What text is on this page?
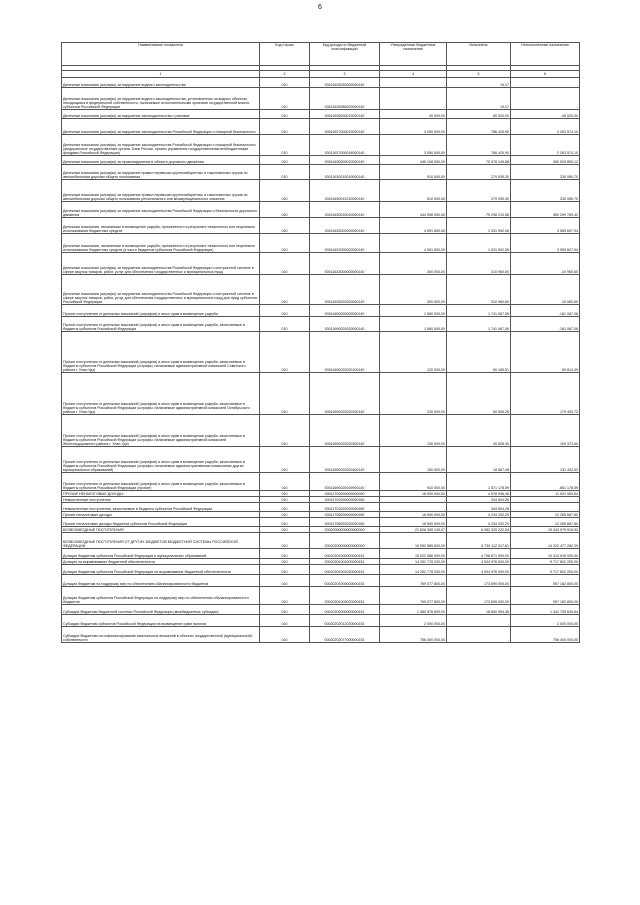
6
Наименование показателя	Код строки	Код дохода по бюджетной классификации	Утвержденные бюджетные назначения	Исполнено	Неисполненные назначения

1	2	3	4	5	6
Денежные взыскания (штрафы) за нарушение водного законодательства	010	00011625030000000140	-	19,17	-
Денежные взыскания (штрафы) за нарушение водного законодательства, установленное на водных объектах, находящихся в федеральной собственности, налагаемые исполнительными органами государственной власти субъектов Российской Федерации	010	00011625086020000140	-	19,17	-
Денежные взыскания (штрафы) за нарушение законодательства о рекламе	010	00011626000010000140	40 000,00	80 520,00	-40 520,00
Денежные взыскания (штрафы) за нарушение законодательства Российской Федерации о пожарной безопасности	010	00011627000010000140	3 050 000,00	786 425,90	2 263 574,10
Денежные взыскания (штрафы) за нарушение законодательства Российской Федерации о пожарной безопасности (федеральные государственные органы, Банк России, органы управления государственными внебюджетными фондами Российской Федерации)	010	00011627000016000140	3 050 000,00	786 425,90	2 263 574,10
Денежные взыскания (штрафы) за правонарушения в области дорожного движения	010	00011630000010000140	445 108 000,00	75 578 149,88	369 529 850,12
Денежные взыскания (штрафы) за нарушение правил перевозки крупногабаритных и тяжеловесных грузов по автомобильным дорогам общего пользования	010	00011630010010000140	510 000,00	279 939,30	230 060,70
Денежные взыскания (штрафы) за нарушение правил перевозки крупногабаритных и тяжеловесных грузов по автомобильным дорогам общего пользования регионального или межмуниципального значения	010	00011630012010000140	510 000,00	279 939,30	230 060,70
Денежные взыскания (штрафы) за нарушение законодательства Российской Федерации о безопасности дорожного движения	010	00011630020010000140	444 598 000,00	75 298 210,58	369 299 789,42
Денежные взыскания, налагаемые в возмещение ущерба, причиненного в результате незаконного или нецелевого использования бюджетных средств	010	00011632000000000140	4 591 600,00	1 031 992,06	3 559 607,94
Денежные взыскания, налагаемые в возмещение ущерба, причиненного в результате незаконного или нецелевого использования бюджетных средств (в части бюджетов субъектов Российской Федерации)	010	00011632000020000140	4 591 600,00	1 031 992,06	3 559 607,94
Денежные взыскания (штрафы) за нарушение законодательства Российской Федерации о контрактной системе в сфере закупок товаров, работ, услуг для обеспечения государственных и муниципальных нужд	010	00011633000000000140	300 000,00	310 960,60	-10 960,60
Денежные взыскания (штрафы) за нарушение законодательства Российской Федерации о контрактной системе в сфере закупок товаров, работ, услуг для обеспечения государственных и муниципальных нужд для нужд субъектов Российской Федерации	010	00011633020020000140	300 000,00	310 960,60	-10 960,60
Прочие поступления от денежных взысканий (штрафов) и иных сумм в возмещение ущерба	010	00011690000000000140	1 560 000,00	1 741 067,06	-181 067,06
Прочие поступления от денежных взысканий (штрафов) и иных сумм в возмещение ущерба, зачисляемые в бюджеты субъектов Российской Федерации	010	00011690020020000140	1 560 000,00	1 741 067,06	-181 067,06
Прочие поступления от денежных взысканий (штрафов) и иных сумм в возмещение ущерба, зачисляемые в бюджеты субъектов Российской Федерации (штрафы, налагаемые административной комиссией Советского района г. Улан-Удэ)	010	00011690020020100140	120 000,00	60 185,51	59 814,49
Прочие поступления от денежных взысканий (штрафов) и иных сумм в возмещение ущерба, зачисляемые в бюджеты субъектов Российской Федерации (штрафы, налагаемые административной комиссией Октябрьского района г. Улан-Удэ)	010	00011690020020200140	230 000,00	50 506,28	179 493,72
Прочие поступления от денежных взысканий (штрафов) и иных сумм в возмещение ущерба, зачисляемые в бюджеты субъектов Российской Федерации (штрафы, налагаемые административной комиссией Железнодорожного района г. Улан-Удэ)	010	00011690020020300140	130 000,00	40 626,40	109 373,60
Прочие поступления от денежных взысканий (штрафов) и иных сумм в возмещение ущерба, зачисляемые в бюджеты субъектов Российской Федерации (штрафы, налагаемые административными комиссиями других муниципальных образований)	010	00011690020020400140	150 000,00	18 567,48	131 432,52
Прочие поступления от денежных взысканий (штрафов) и иных сумм в возмещение ущерба, зачисляемые в бюджеты субъектов Российской Федерации (прочие)	010	00011690020029900140	910 000,00	1 571 178,59	-661 178,59
ПРОЧИЕ НЕНАЛОГОВЫЕ ДОХОДЫ	010	00011700000000000000	16 500 000,00	4 578 936,46	11 921 063,54
Невыясненные поступления	010	00011701000000000180	-	344 604,26	-
Невыясненные поступления, зачисляемые в бюджеты субъектов Российской Федерации	010	00011701020020000180	-	344 604,26	-
Прочие неналоговые доходы	010	00011705000000000180	16 500 000,00	4 234 332,20	12 265 667,80
Прочие неналоговые доходы бюджетов субъектов Российской Федерации	010	00011705020020000180	16 500 000,00	4 234 332,20	12 265 667,80
БЕЗВОЗМЕЗДНЫЕ ПОСТУПЛЕНИЯ	010	00020000000000000000	21 626 305 139,07	6 282 325 222,54	15 343 979 916,53
БЕЗВОЗМЕЗДНЫЕ ПОСТУПЛЕНИЯ ОТ ДРУГИХ БЮДЖЕТОВ БЮДЖЕТНОЙ СИСТЕМЫ РОССИЙСКОЙ ФЕДЕРАЦИИ	010	00020200000000000000	19 952 589 600,00	5 730 112 317,61	14 222 477 282,39
Дотации бюджетам субъектов Российской Федерации и муниципальных образований	010	00020201000000000151	15 022 586 000,00	4 708 671 000,00	10 314 915 000,00
Дотации на выравнивание бюджетной обеспеченности	010	00020201001000000151	14 252 778 200,00	4 534 976 000,00	9 717 802 200,00
Дотации бюджетам субъектов Российской Федерации на выравнивание бюджетной обеспеченности	010	00020201001020000151	14 252 778 200,00	4 534 976 000,00	9 717 802 200,00
Дотации бюджетам на поддержку мер по обеспечению сбалансированности бюджетов	010	00020201003000000151	769 077 800,00	173 695 000,00	597 182 800,00
Дотации бюджетам субъектов Российской Федерации на поддержку мер по обеспечению сбалансированности бюджетов	010	00020201003020000151	769 077 800,00	173 695 000,00	597 182 800,00
Субсидии бюджетам бюджетной системы Российской Федерации (межбюджетные субсидии)	010	00020202000000000151	1 380 576 600,00	18 840 954,36	1 341 735 645,64
Субсидии бюджетам субъектов Российской Федерации на возмещение сумм налогов	010	00020202012020000151	2 000 000,00	-	2 000 000,00
Субсидии бюджетам на софинансирование капитальных вложений в объекты государственной (муниципальной) собственности	010	00020202077000000151	756 400 000,00	-	756 400 000,00
